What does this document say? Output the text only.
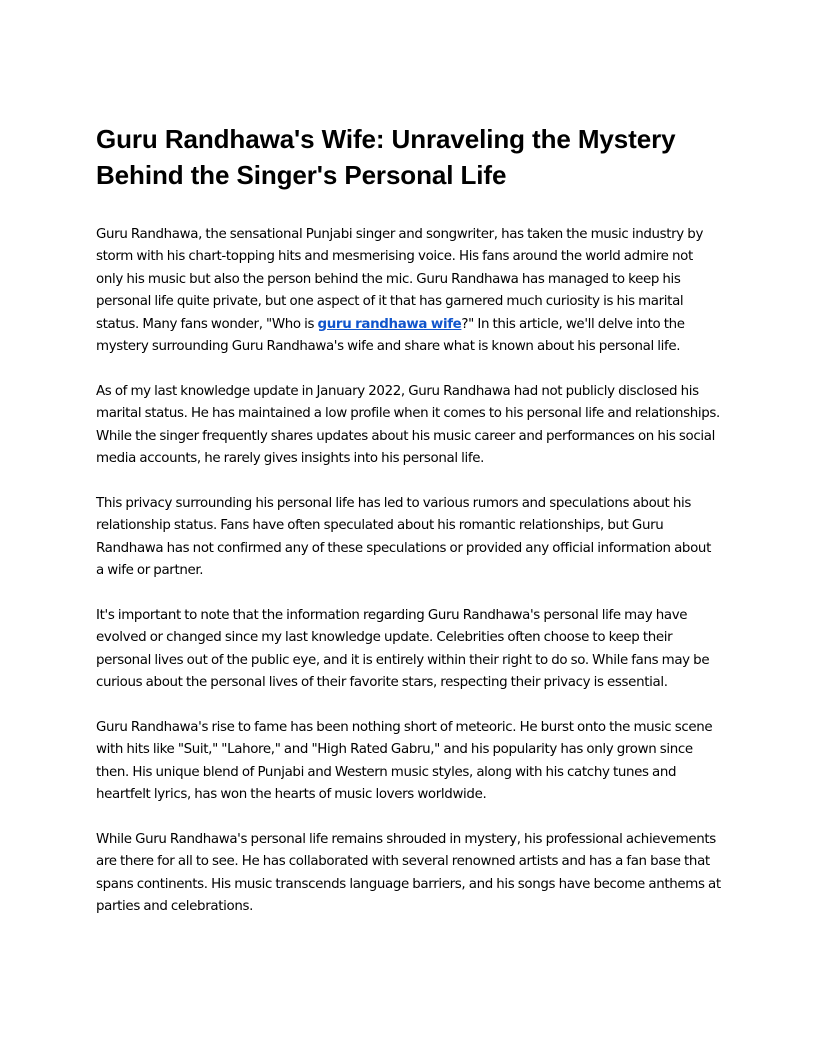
Guru Randhawa's Wife: Unraveling the Mystery Behind the Singer's Personal Life

Guru Randhawa, the sensational Punjabi singer and songwriter, has taken the music industry by storm with his chart-topping hits and mesmerising voice. His fans around the world admire not only his music but also the person behind the mic. Guru Randhawa has managed to keep his personal life quite private, but one aspect of it that has garnered much curiosity is his marital status. Many fans wonder, "Who is guru randhawa wife?" In this article, we'll delve into the mystery surrounding Guru Randhawa's wife and share what is known about his personal life.

As of my last knowledge update in January 2022, Guru Randhawa had not publicly disclosed his marital status. He has maintained a low profile when it comes to his personal life and relationships. While the singer frequently shares updates about his music career and performances on his social media accounts, he rarely gives insights into his personal life.

This privacy surrounding his personal life has led to various rumors and speculations about his relationship status. Fans have often speculated about his romantic relationships, but Guru Randhawa has not confirmed any of these speculations or provided any official information about a wife or partner.

It's important to note that the information regarding Guru Randhawa's personal life may have evolved or changed since my last knowledge update. Celebrities often choose to keep their personal lives out of the public eye, and it is entirely within their right to do so. While fans may be curious about the personal lives of their favorite stars, respecting their privacy is essential.

Guru Randhawa's rise to fame has been nothing short of meteoric. He burst onto the music scene with hits like "Suit," "Lahore," and "High Rated Gabru," and his popularity has only grown since then. His unique blend of Punjabi and Western music styles, along with his catchy tunes and heartfelt lyrics, has won the hearts of music lovers worldwide.

While Guru Randhawa's personal life remains shrouded in mystery, his professional achievements are there for all to see. He has collaborated with several renowned artists and has a fan base that spans continents. His music transcends language barriers, and his songs have become anthems at parties and celebrations.
